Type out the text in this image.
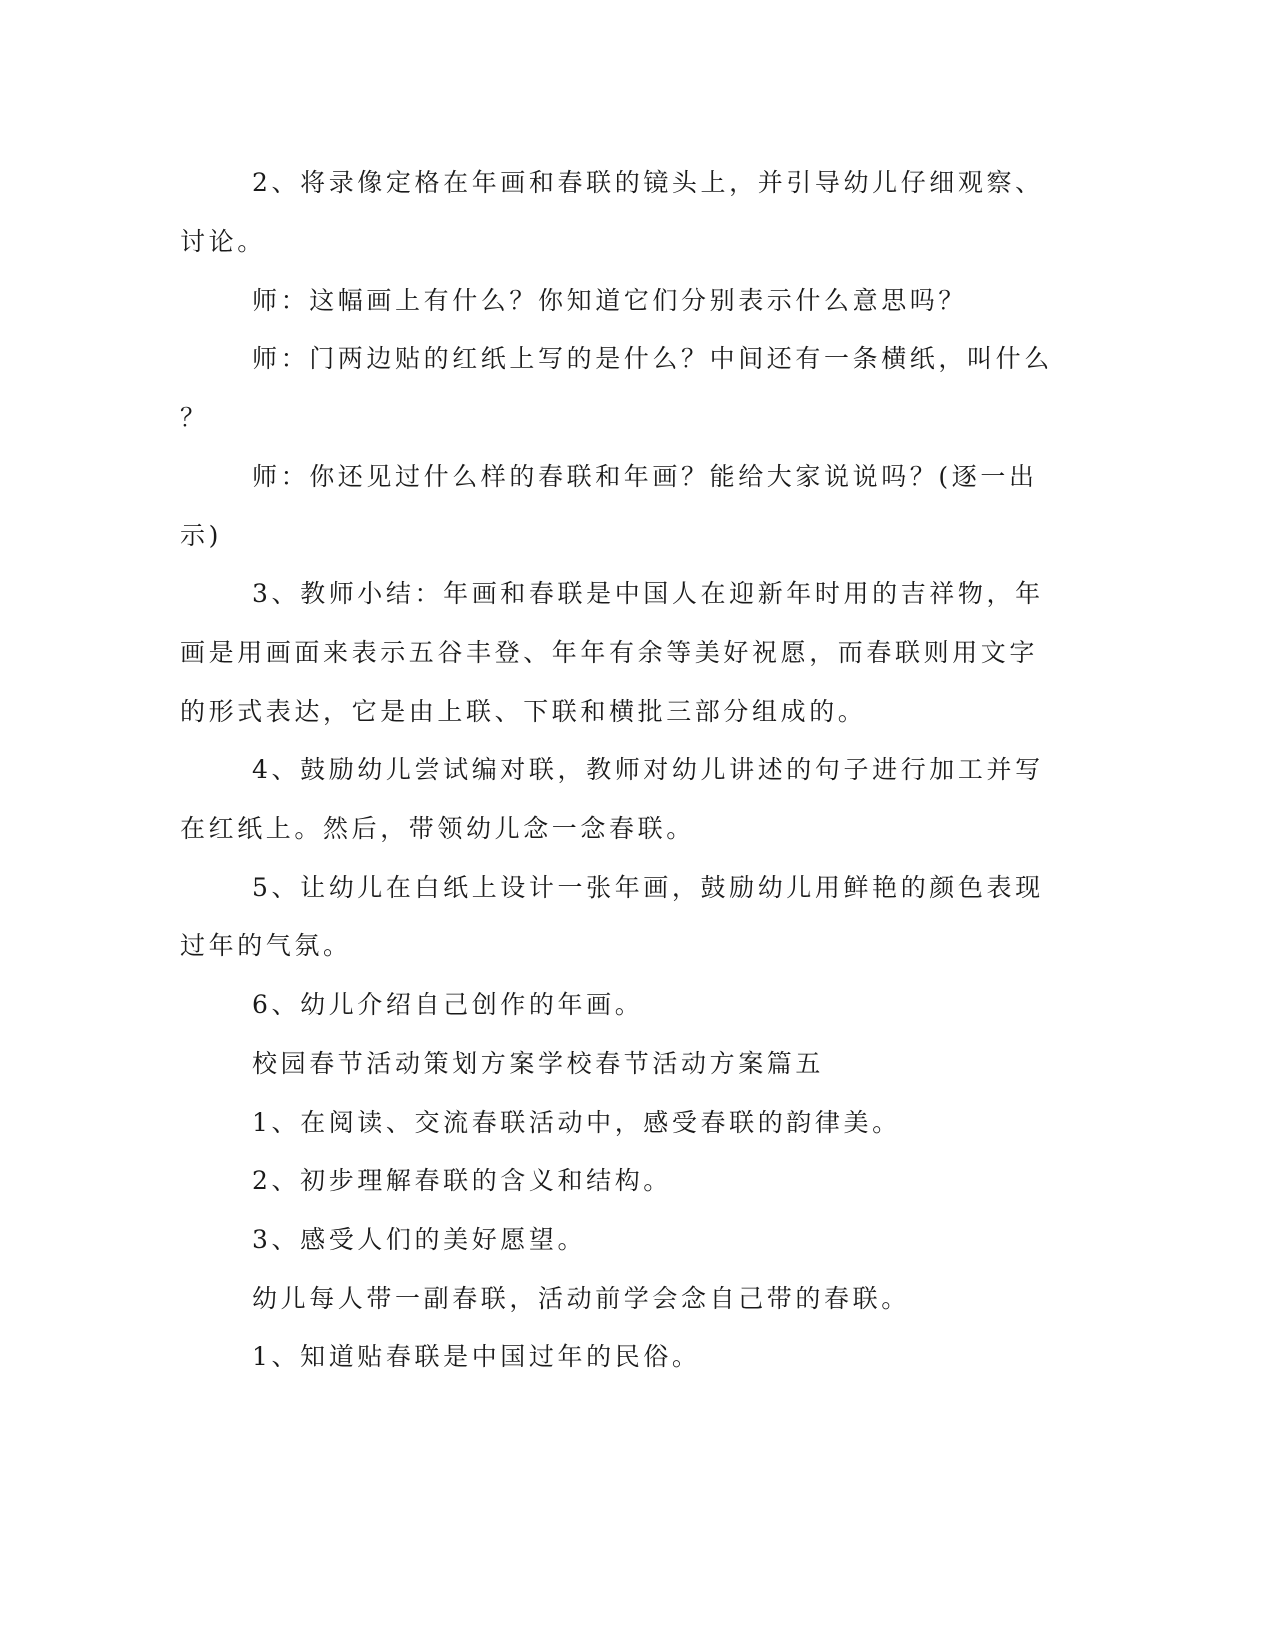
2、将录像定格在年画和春联的镜头上，并引导幼儿仔细观察、
讨论。
师：这幅画上有什么？你知道它们分别表示什么意思吗？
师：门两边贴的红纸上写的是什么？中间还有一条横纸，叫什么
？
师：你还见过什么样的春联和年画？能给大家说说吗？(逐一出
示)
3、教师小结：年画和春联是中国人在迎新年时用的吉祥物，年
画是用画面来表示五谷丰登、年年有余等美好祝愿，而春联则用文字
的形式表达，它是由上联、下联和横批三部分组成的。
4、鼓励幼儿尝试编对联，教师对幼儿讲述的句子进行加工并写
在红纸上。然后，带领幼儿念一念春联。
5、让幼儿在白纸上设计一张年画，鼓励幼儿用鲜艳的颜色表现
过年的气氛。
6、幼儿介绍自己创作的年画。
校园春节活动策划方案学校春节活动方案篇五
1、在阅读、交流春联活动中，感受春联的韵律美。
2、初步理解春联的含义和结构。
3、感受人们的美好愿望。
幼儿每人带一副春联，活动前学会念自己带的春联。
1、知道贴春联是中国过年的民俗。
